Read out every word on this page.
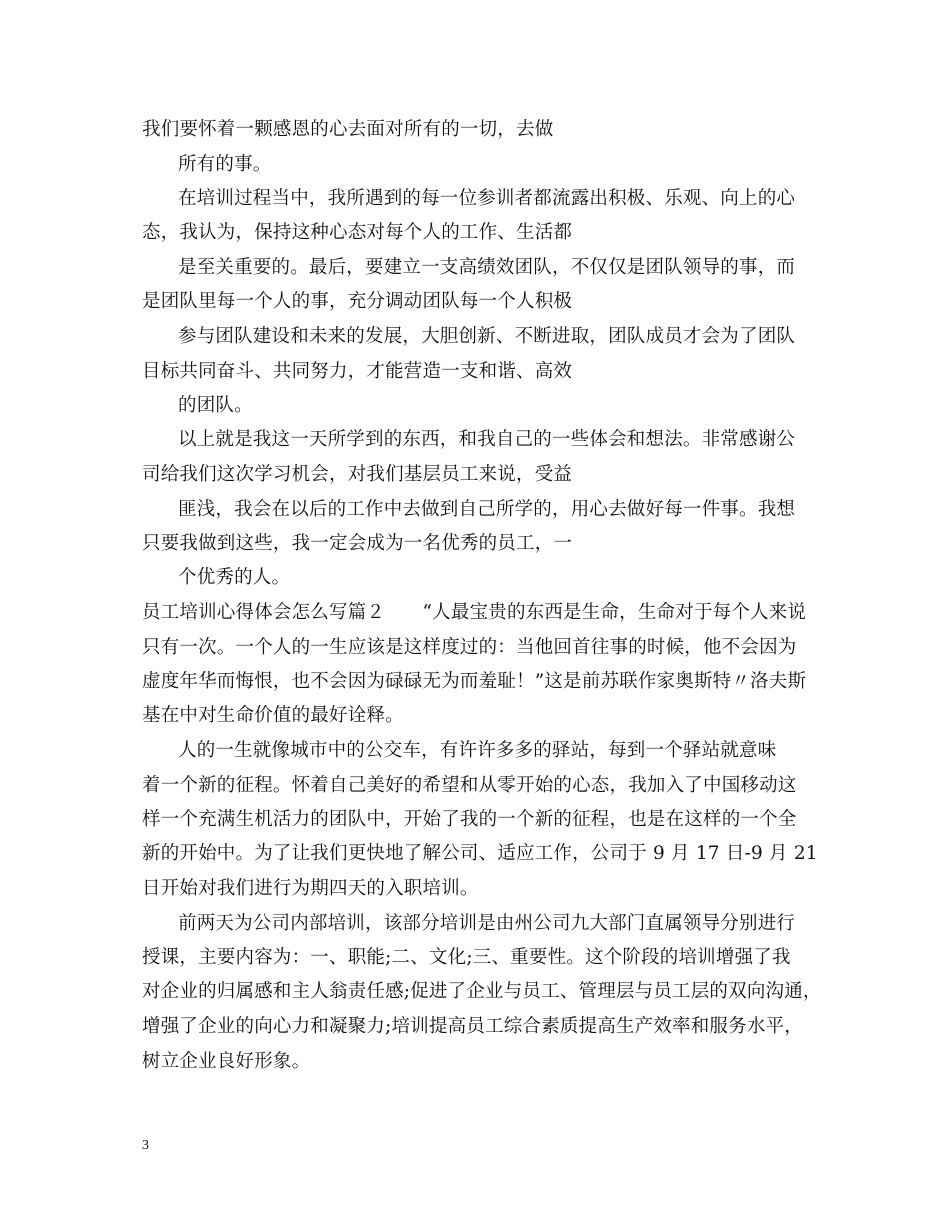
我们要怀着一颗感恩的心去面对所有的一切，去做
所有的事。
在培训过程当中，我所遇到的每一位参训者都流露出积极、乐观、向上的心
态，我认为，保持这种心态对每个人的工作、生活都
是至关重要的。最后，要建立一支高绩效团队，不仅仅是团队领导的事，而
是团队里每一个人的事，充分调动团队每一个人积极
参与团队建设和未来的发展，大胆创新、不断进取，团队成员才会为了团队
目标共同奋斗、共同努力，才能营造一支和谐、高效
的团队。
以上就是我这一天所学到的东西，和我自己的一些体会和想法。非常感谢公
司给我们这次学习机会，对我们基层员工来说，受益
匪浅，我会在以后的工作中去做到自己所学的，用心去做好每一件事。我想
只要我做到这些，我一定会成为一名优秀的员工，一
个优秀的人。
员工培训心得体会怎么写篇２　　“人最宝贵的东西是生命，生命对于每个人来说
只有一次。一个人的一生应该是这样度过的：当他回首往事的时候，他不会因为
虚度年华而悔恨，也不会因为碌碌无为而羞耻！”这是前苏联作家奥斯特〃洛夫斯
基在中对生命价值的最好诠释。
人的一生就像城市中的公交车，有许许多多的驿站，每到一个驿站就意味
着一个新的征程。怀着自己美好的希望和从零开始的心态，我加入了中国移动这
样一个充满生机活力的团队中，开始了我的一个新的征程，也是在这样的一个全
新的开始中。为了让我们更快地了解公司、适应工作，公司于 9 月 17 日-9 月 21
日开始对我们进行为期四天的入职培训。
前两天为公司内部培训，该部分培训是由州公司九大部门直属领导分别进行
授课，主要内容为：一、职能;二、文化;三、重要性。这个阶段的培训增强了我
对企业的归属感和主人翁责任感;促进了企业与员工、管理层与员工层的双向沟通，
增强了企业的向心力和凝聚力;培训提高员工综合素质提高生产效率和服务水平，
树立企业良好形象。
3
